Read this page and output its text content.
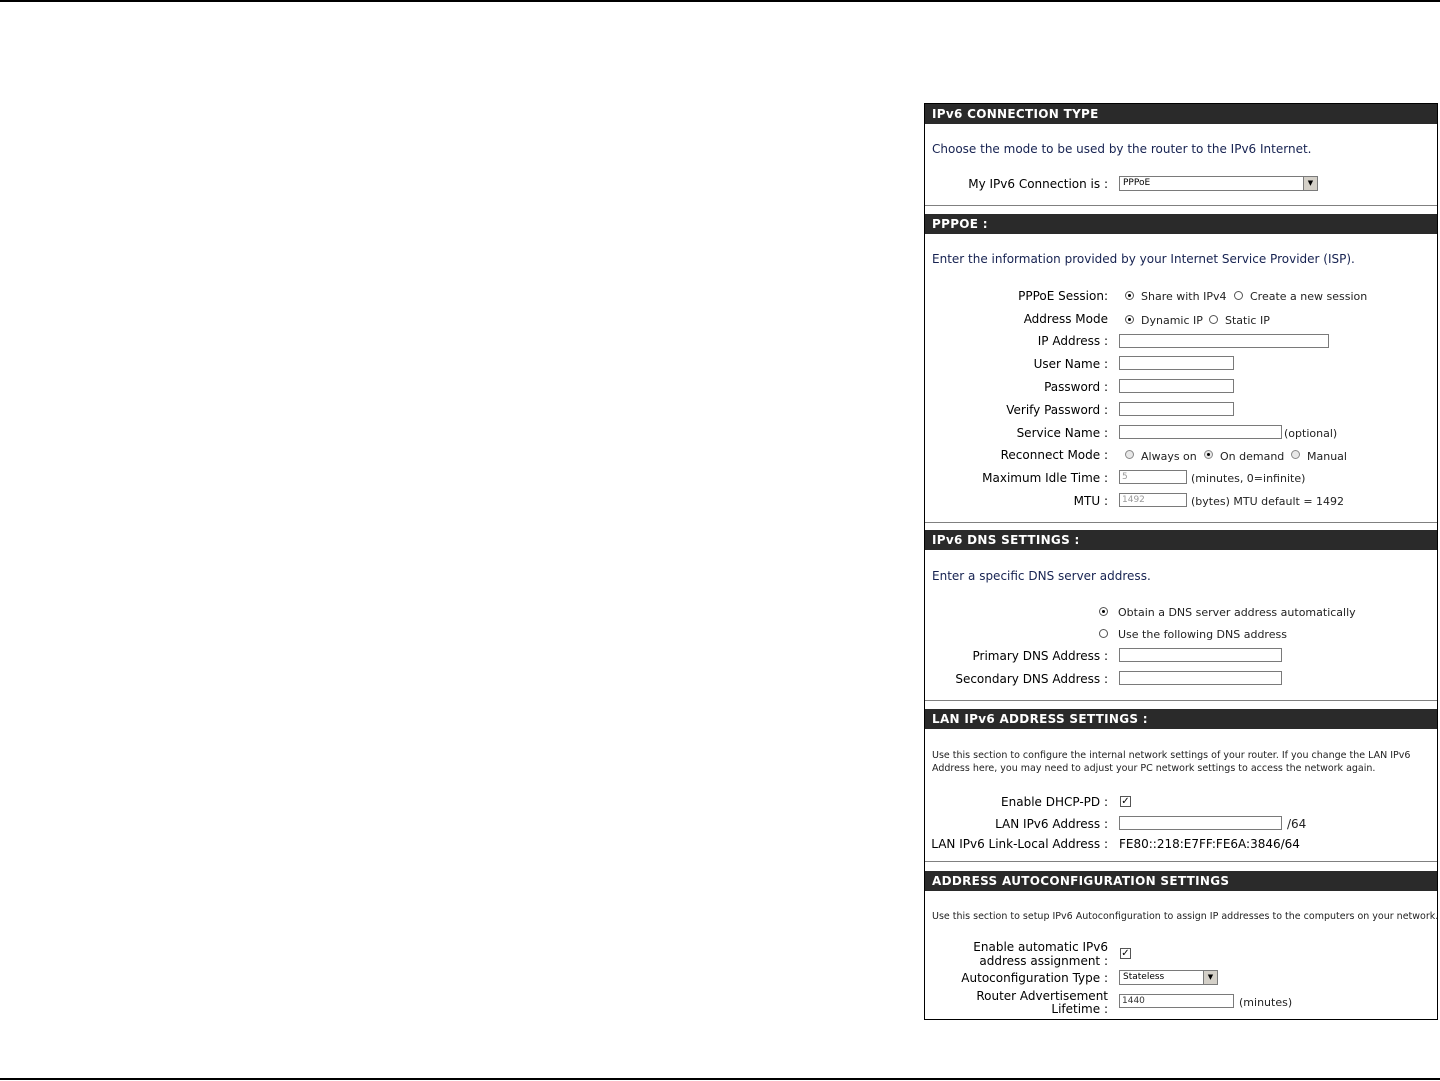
IPv6 CONNECTION TYPE
Choose the mode to be used by the router to the IPv6 Internet.
My IPv6 Connection is :	PPPoE	▼
PPPOE :
Enter the information provided by your Internet Service Provider (ISP).
PPPoE Session:	Share with IPv4 Create a new session
Address Mode	Dynamic IP Static IP
IP Address :
User Name :
Password :
Verify Password :
Service Name :	(optional)
Reconnect Mode :	Always on On demand Manual
Maximum Idle Time :	5	(minutes, 0=infinite)
MTU :	1492	(bytes) MTU default = 1492
IPv6 DNS SETTINGS :
Enter a specific DNS server address.
Obtain a DNS server address automatically
Use the following DNS address
Primary DNS Address :
Secondary DNS Address :
LAN IPv6 ADDRESS SETTINGS :
Use this section to configure the internal network settings of your router. If you change the LAN IPv6
Address here, you may need to adjust your PC network settings to access the network again.
Enable DHCP-PD : ✓
LAN IPv6 Address :	/64
LAN IPv6 Link-Local Address : FE80::218:E7FF:FE6A:3846/64
ADDRESS AUTOCONFIGURATION SETTINGS
Use this section to setup IPv6 Autoconfiguration to assign IP addresses to the computers on your network.
Enable automatic IPv6
address assignment :
✓
Autoconfiguration Type :	Stateless	▼
Router Advertisement
Lifetime :
1440	(minutes)
